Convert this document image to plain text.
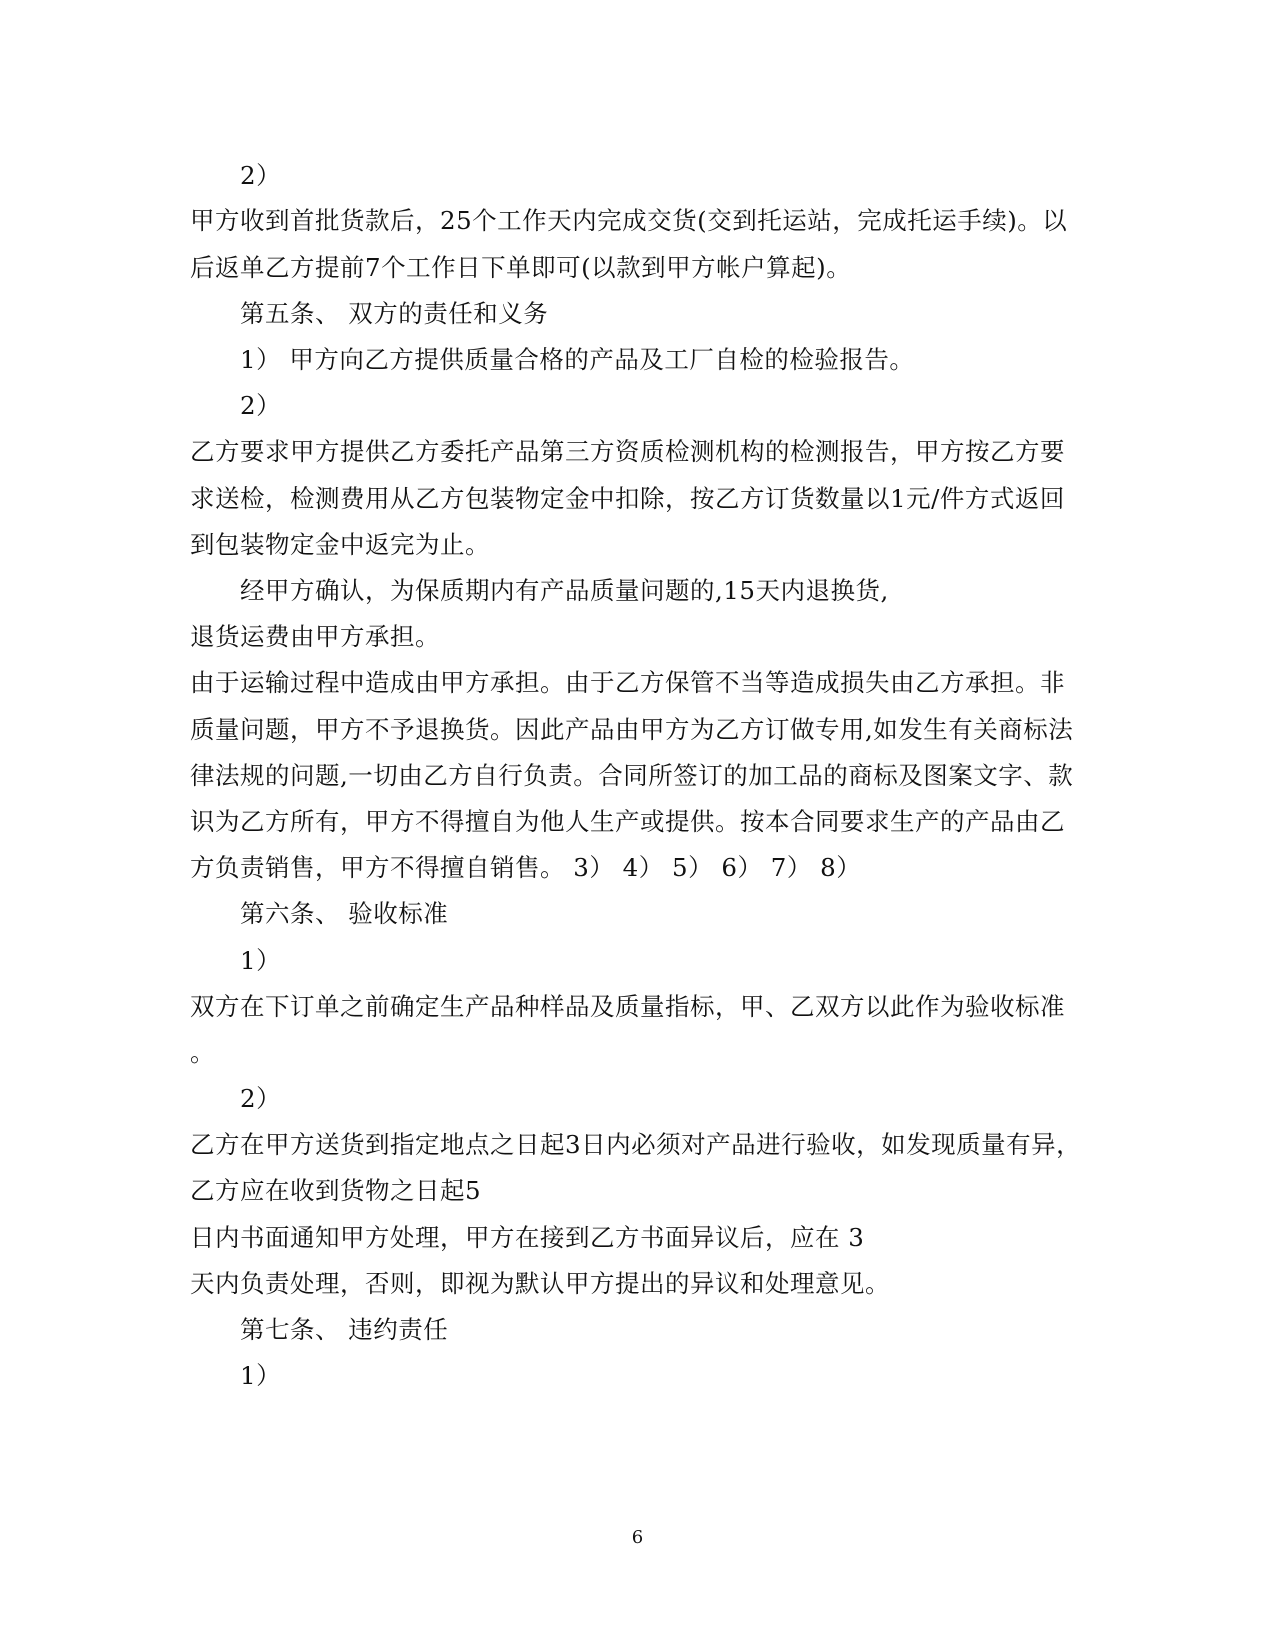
2）
甲方收到首批货款后，25个工作天内完成交货(交到托运站，完成托运手续)。以
后返单乙方提前7个工作日下单即可(以款到甲方帐户算起)。
第五条、 双方的责任和义务
1） 甲方向乙方提供质量合格的产品及工厂自检的检验报告。
2）
乙方要求甲方提供乙方委托产品第三方资质检测机构的检测报告，甲方按乙方要
求送检，检测费用从乙方包装物定金中扣除，按乙方订货数量以1元/件方式返回
到包装物定金中返完为止。
经甲方确认，为保质期内有产品质量问题的,15天内退换货,
退货运费由甲方承担。
由于运输过程中造成由甲方承担。由于乙方保管不当等造成损失由乙方承担。非
质量问题，甲方不予退换货。因此产品由甲方为乙方订做专用,如发生有关商标法
律法规的问题,一切由乙方自行负责。合同所签订的加工品的商标及图案文字、款
识为乙方所有，甲方不得擅自为他人生产或提供。按本合同要求生产的产品由乙
方负责销售，甲方不得擅自销售。 3） 4） 5） 6） 7） 8）
第六条、 验收标准
1）
双方在下订单之前确定生产品种样品及质量指标，甲、乙双方以此作为验收标准
。
2）
乙方在甲方送货到指定地点之日起3日内必须对产品进行验收，如发现质量有异，
乙方应在收到货物之日起5
日内书面通知甲方处理，甲方在接到乙方书面异议后，应在 3
天内负责处理，否则，即视为默认甲方提出的异议和处理意见。
第七条、 违约责任
1）
6
